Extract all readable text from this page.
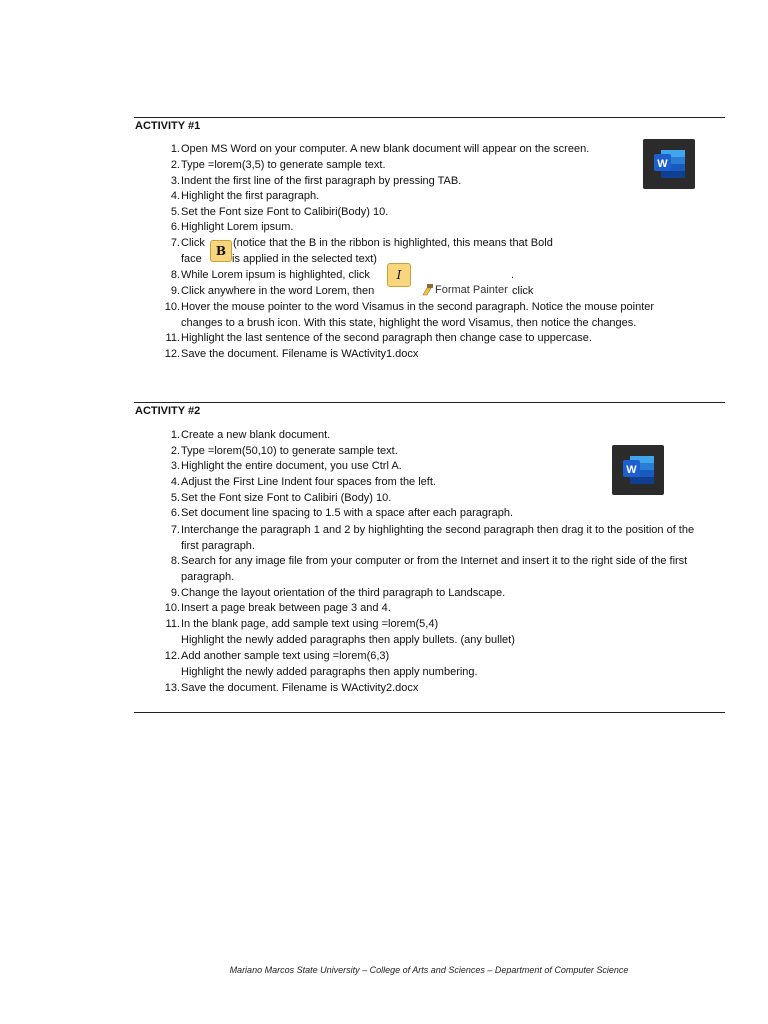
ACTIVITY #1
W
1. Open MS Word on your computer. A new blank document will appear on the screen.
2. Type =lorem(3,5) to generate sample text.
3. Indent the first line of the first paragraph by pressing TAB.
4. Highlight the first paragraph.
5. Set the Font size Font to Calibiri(Body) 10.
6. Highlight Lorem ipsum.
7. Click	(notice that the B in the ribbon is highlighted, this means that Bold
face	is applied in the selected text)
B
8. While Lorem ipsum is highlighted, click	.
I
9. Click anywhere in the word Lorem, then	click
Format Painter
10. Hover the mouse pointer to the word Visamus in the second paragraph. Notice the mouse pointer
changes to a brush icon. With this state, highlight the word Visamus, then notice the changes.
11. Highlight the last sentence of the second paragraph then change case to uppercase.
12. Save the document. Filename is WActivity1.docx
ACTIVITY #2
W
1. Create a new blank document.
2. Type =lorem(50,10) to generate sample text.
3. Highlight the entire document, you use Ctrl A.
4. Adjust the First Line Indent four spaces from the left.
5. Set the Font size Font to Calibiri (Body) 10.
6. Set document line spacing to 1.5 with a space after each paragraph.
7. Interchange the paragraph 1 and 2 by highlighting the second paragraph then drag it to the position of the
first paragraph.
8. Search for any image file from your computer or from the Internet and insert it to the right side of the first
paragraph.
9. Change the layout orientation of the third paragraph to Landscape.
10. Insert a page break between page 3 and 4.
11. In the blank page, add sample text using =lorem(5,4)
Highlight the newly added paragraphs then apply bullets. (any bullet)
12. Add another sample text using =lorem(6,3)
Highlight the newly added paragraphs then apply numbering.
13. Save the document. Filename is WActivity2.docx
Mariano Marcos State University – College of Arts and Sciences – Department of Computer Science
